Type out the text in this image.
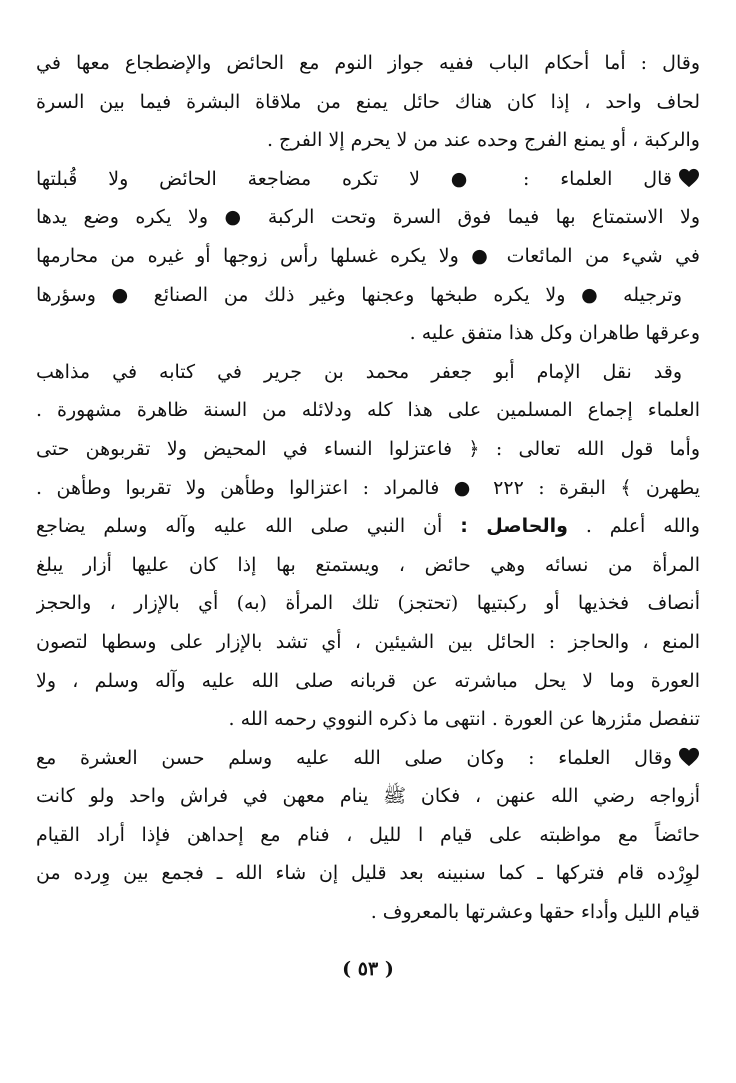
وقال : أما أحكام الباب ففيه جواز النوم مع الحائض والإضطجاع معها في
لحاف واحد ، إذا كان هناك حائل يمنع من ملاقاة البشرة فيما بين السرة
والركبة ، أو يمنع الفرج وحده عند من لا يحرم إلا الفرج .
قال العلماء : ● لا تكره مضاجعة الحائض ولا قُبلتها
ولا الاستمتاع بها فيما فوق السرة وتحت الركبة ● ولا يكره وضع يدها
في شيء من المائعات ● ولا يكره غسلها رأس زوجها أو غيره من محارمها
وترجيله ● ولا يكره طبخها وعجنها وغير ذلك من الصنائع ● وسؤرها
وعرقها طاهران وكل هذا متفق عليه .
وقد نقل الإمام أبو جعفر محمد بن جرير في كتابه في مذاهب
العلماء إجماع المسلمين على هذا كله ودلائله من السنة ظاهرة مشهورة .
وأما قول الله تعالى : ﴿ فاعتزلوا النساء في المحيض ولا تقربوهن حتى
يطهرن ﴾ البقرة : ٢٢٢ ● فالمراد : اعتزالوا وطأهن ولا تقربوا وطأهن .
والله أعلم . والحاصل : أن النبي صلى الله عليه وآله وسلم يضاجع
المرأة من نسائه وهي حائض ، ويستمتع بها إذا كان عليها أزار يبلغ
أنصاف فخذيها أو ركبتيها (تحتجز) تلك المرأة (به) أي بالإزار ، والحجز
المنع ، والحاجز : الحائل بين الشيئين ، أي تشد بالإزار على وسطها لتصون
العورة وما لا يحل مباشرته عن قربانه صلى الله عليه وآله وسلم ، ولا
تنفصل مئزرها عن العورة . انتهى ما ذكره النووي رحمه الله .
وقال العلماء : وكان صلى الله عليه وسلم حسن العشرة مع
أزواجه رضي الله عنهن ، فكان ﷺ ينام معهن في فراش واحد ولو كانت
حائضاً مع مواظبته على قيام ا لليل ، فنام مع إحداهن فإذا أراد القيام
لوِرْده قام فتركها ـ كما سنبينه بعد قليل إن شاء الله ـ فجمع بين وِرده من
قيام الليل وأداء حقها وعشرتها بالمعروف .
( ٥٣ )
